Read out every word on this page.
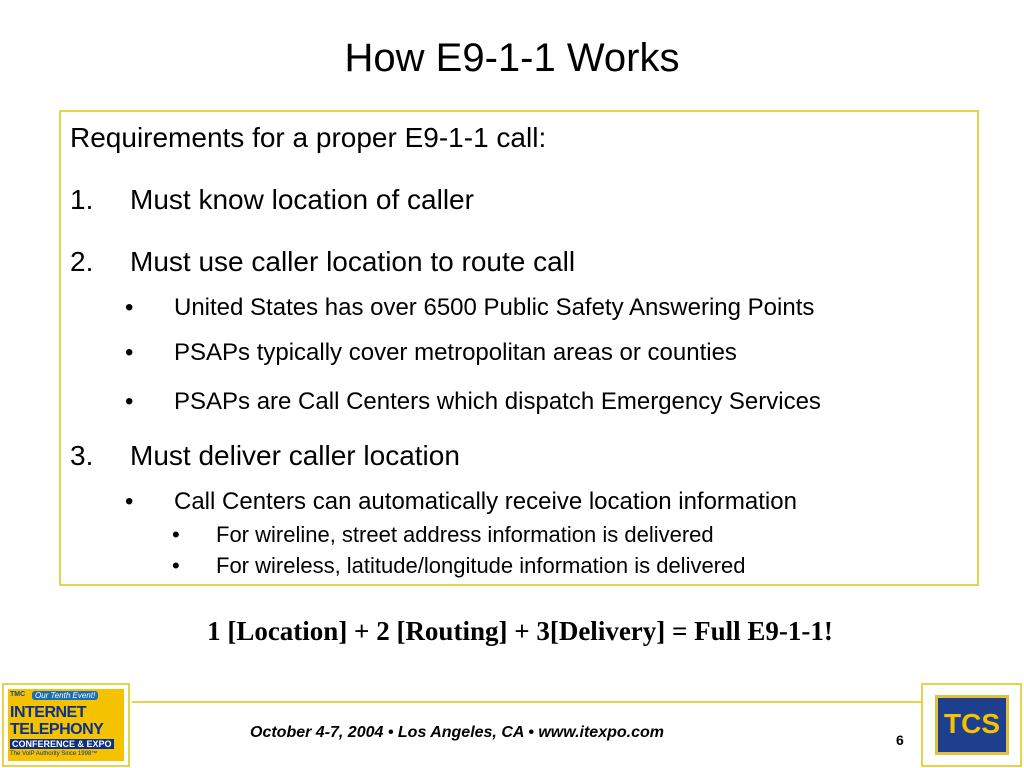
How E9-1-1 Works
Requirements for a proper E9-1-1 call:
1. Must know location of caller
2. Must use caller location to route call
• United States has over 6500 Public Safety Answering Points
• PSAPs typically cover metropolitan areas or counties
• PSAPs are Call Centers which dispatch Emergency Services
3. Must deliver caller location
• Call Centers can automatically receive location information
• For wireline, street address information is delivered
• For wireless, latitude/longitude information is delivered
1 [Location] + 2 [Routing] + 3[Delivery] = Full E9-1-1!
TMC	Our Tenth Event!
INTERNET
TELEPHONY
CONFERENCE & EXPO
The VoIP Authority Since 1998™
October 4-7, 2004 • Los Angeles, CA • www.itexpo.com	6
TCS
